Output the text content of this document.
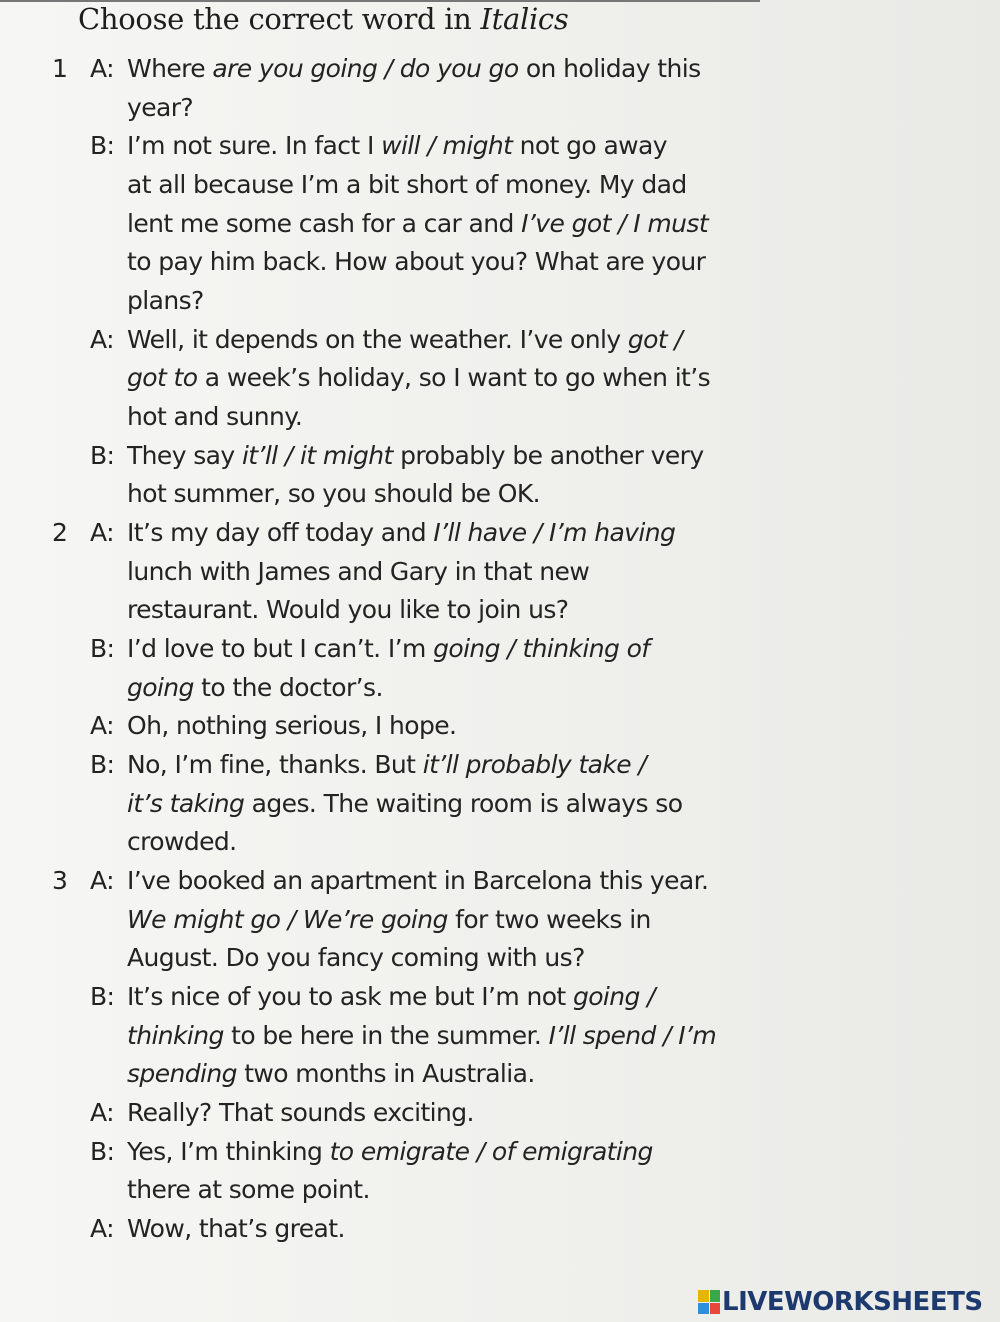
Choose the correct word in Italics
1 A: Where are you going / do you go on holiday this
year?
B: I’m not sure. In fact I will / might not go away
at all because I’m a bit short of money. My dad
lent me some cash for a car and I’ve got / I must
to pay him back. How about you? What are your
plans?
A: Well, it depends on the weather. I’ve only got /
got to a week’s holiday, so I want to go when it’s
hot and sunny.
B: They say it’ll / it might probably be another very
hot summer, so you should be OK.
2 A: It’s my day off today and I’ll have / I’m having
lunch with James and Gary in that new
restaurant. Would you like to join us?
B: I’d love to but I can’t. I’m going / thinking of
going to the doctor’s.
A: Oh, nothing serious, I hope.
B: No, I’m fine, thanks. But it’ll probably take /
it’s taking ages. The waiting room is always so
crowded.
3 A: I’ve booked an apartment in Barcelona this year.
We might go / We’re going for two weeks in
August. Do you fancy coming with us?
B: It’s nice of you to ask me but I’m not going /
thinking to be here in the summer. I’ll spend / I’m
spending two months in Australia.
A: Really? That sounds exciting.
B: Yes, I’m thinking to emigrate / of emigrating
there at some point.
A: Wow, that’s great.
LIVEWORKSHEETS
